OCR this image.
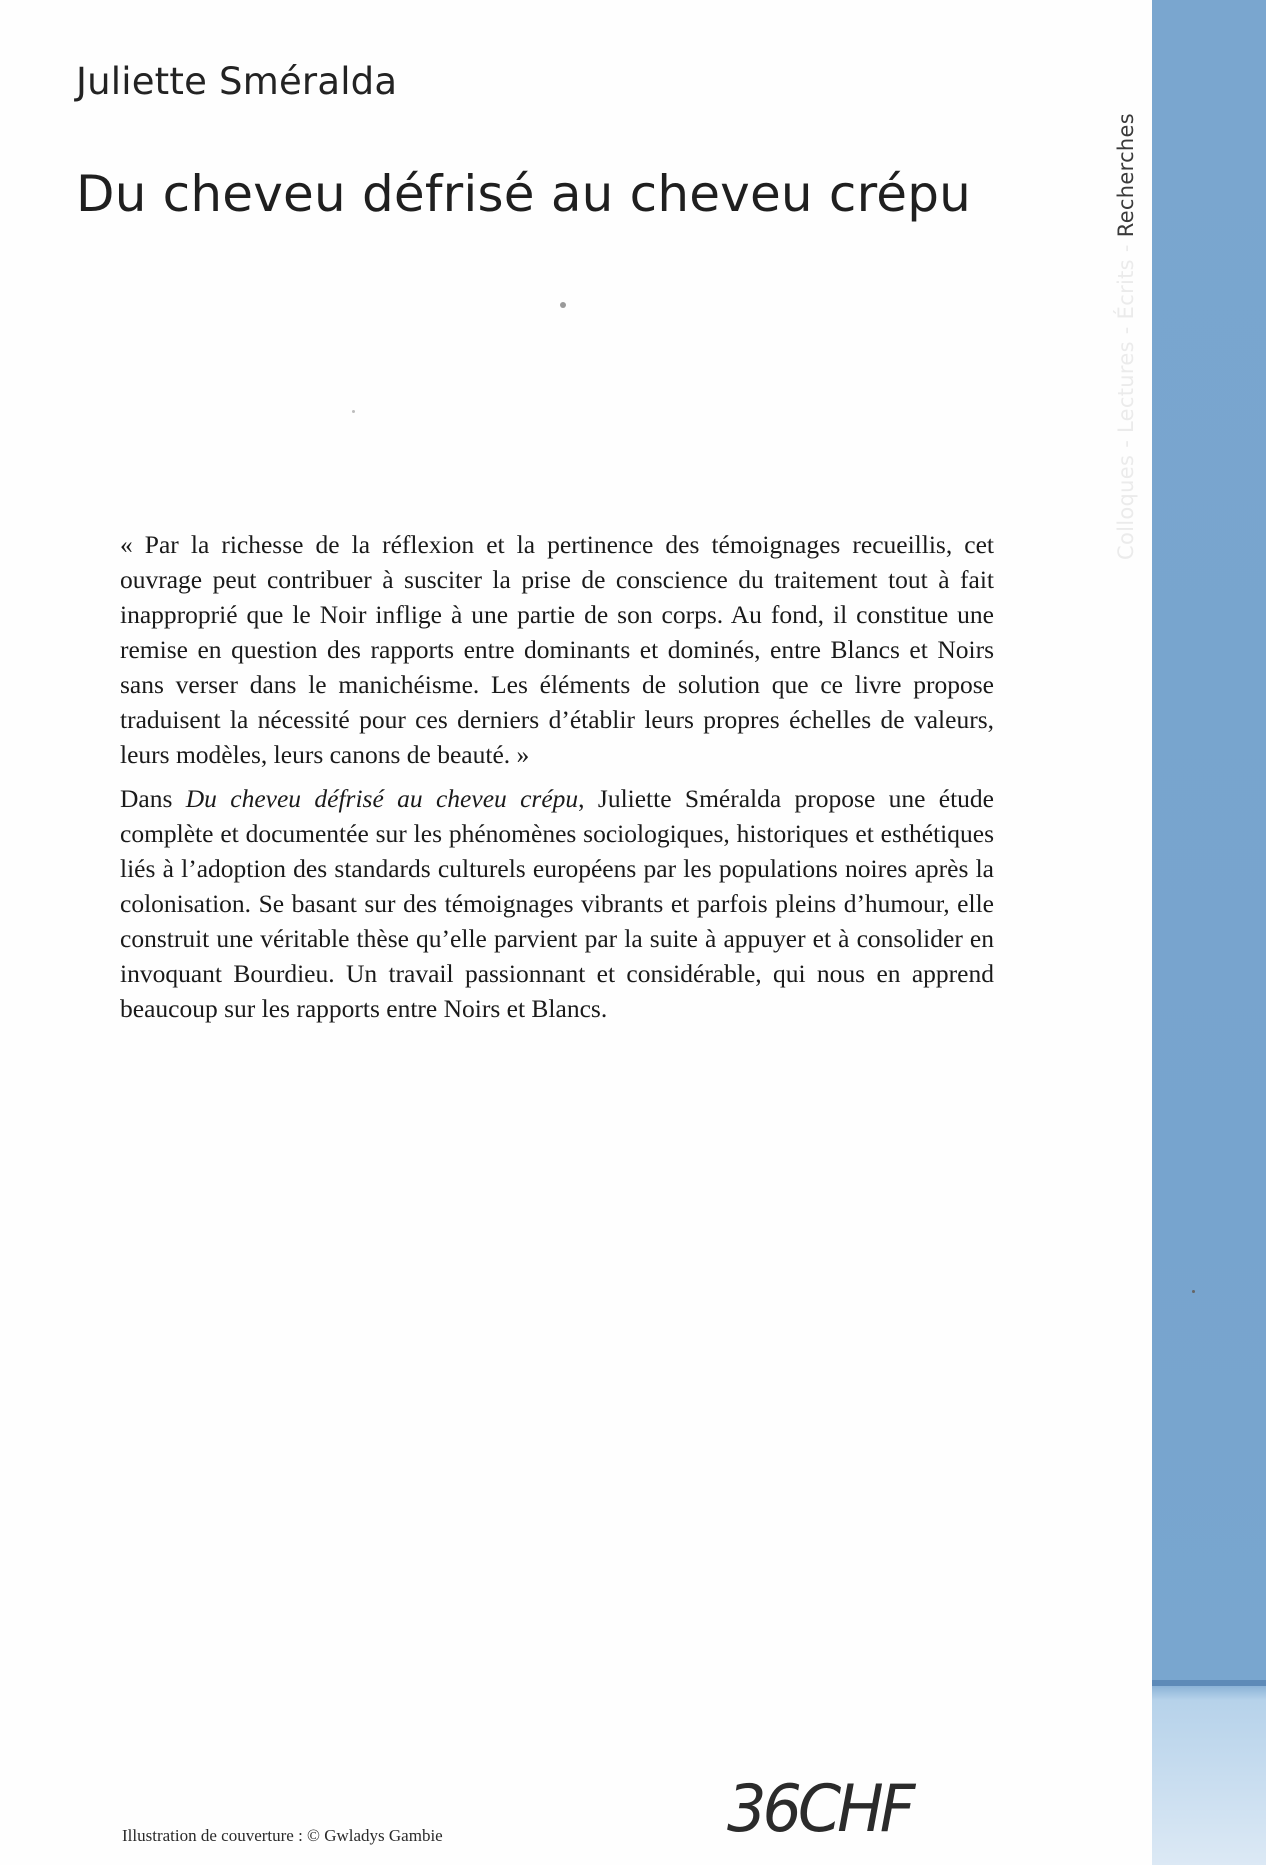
Colloques - Lectures - Écrits - Recherches
Juliette Sméralda
Du cheveu défrisé au cheveu crépu

« Par la richesse de la réflexion et la pertinence des témoignages recueillis, cet ouvrage peut contribuer à susciter la prise de conscience du traitement tout à fait inapproprié que le Noir inflige à une partie de son corps. Au fond, il constitue une remise en question des rapports entre dominants et dominés, entre Blancs et Noirs sans verser dans le manichéisme. Les éléments de solution que ce livre propose traduisent la nécessité pour ces derniers d’établir leurs propres échelles de valeurs, leurs modèles, leurs canons de beauté. »

Dans Du cheveu défrisé au cheveu crépu, Juliette Sméralda propose une étude complète et documentée sur les phénomènes sociologiques, historiques et esthétiques liés à l’adoption des standards culturels européens par les populations noires après la colonisation. Se basant sur des témoignages vibrants et parfois pleins d’humour, elle construit une véritable thèse qu’elle parvient par la suite à appuyer et à consolider en invoquant Bourdieu. Un travail passionnant et considérable, qui nous en apprend beaucoup sur les rapports entre Noirs et Blancs.

36CHF
Illustration de couverture : © Gwladys Gambie
